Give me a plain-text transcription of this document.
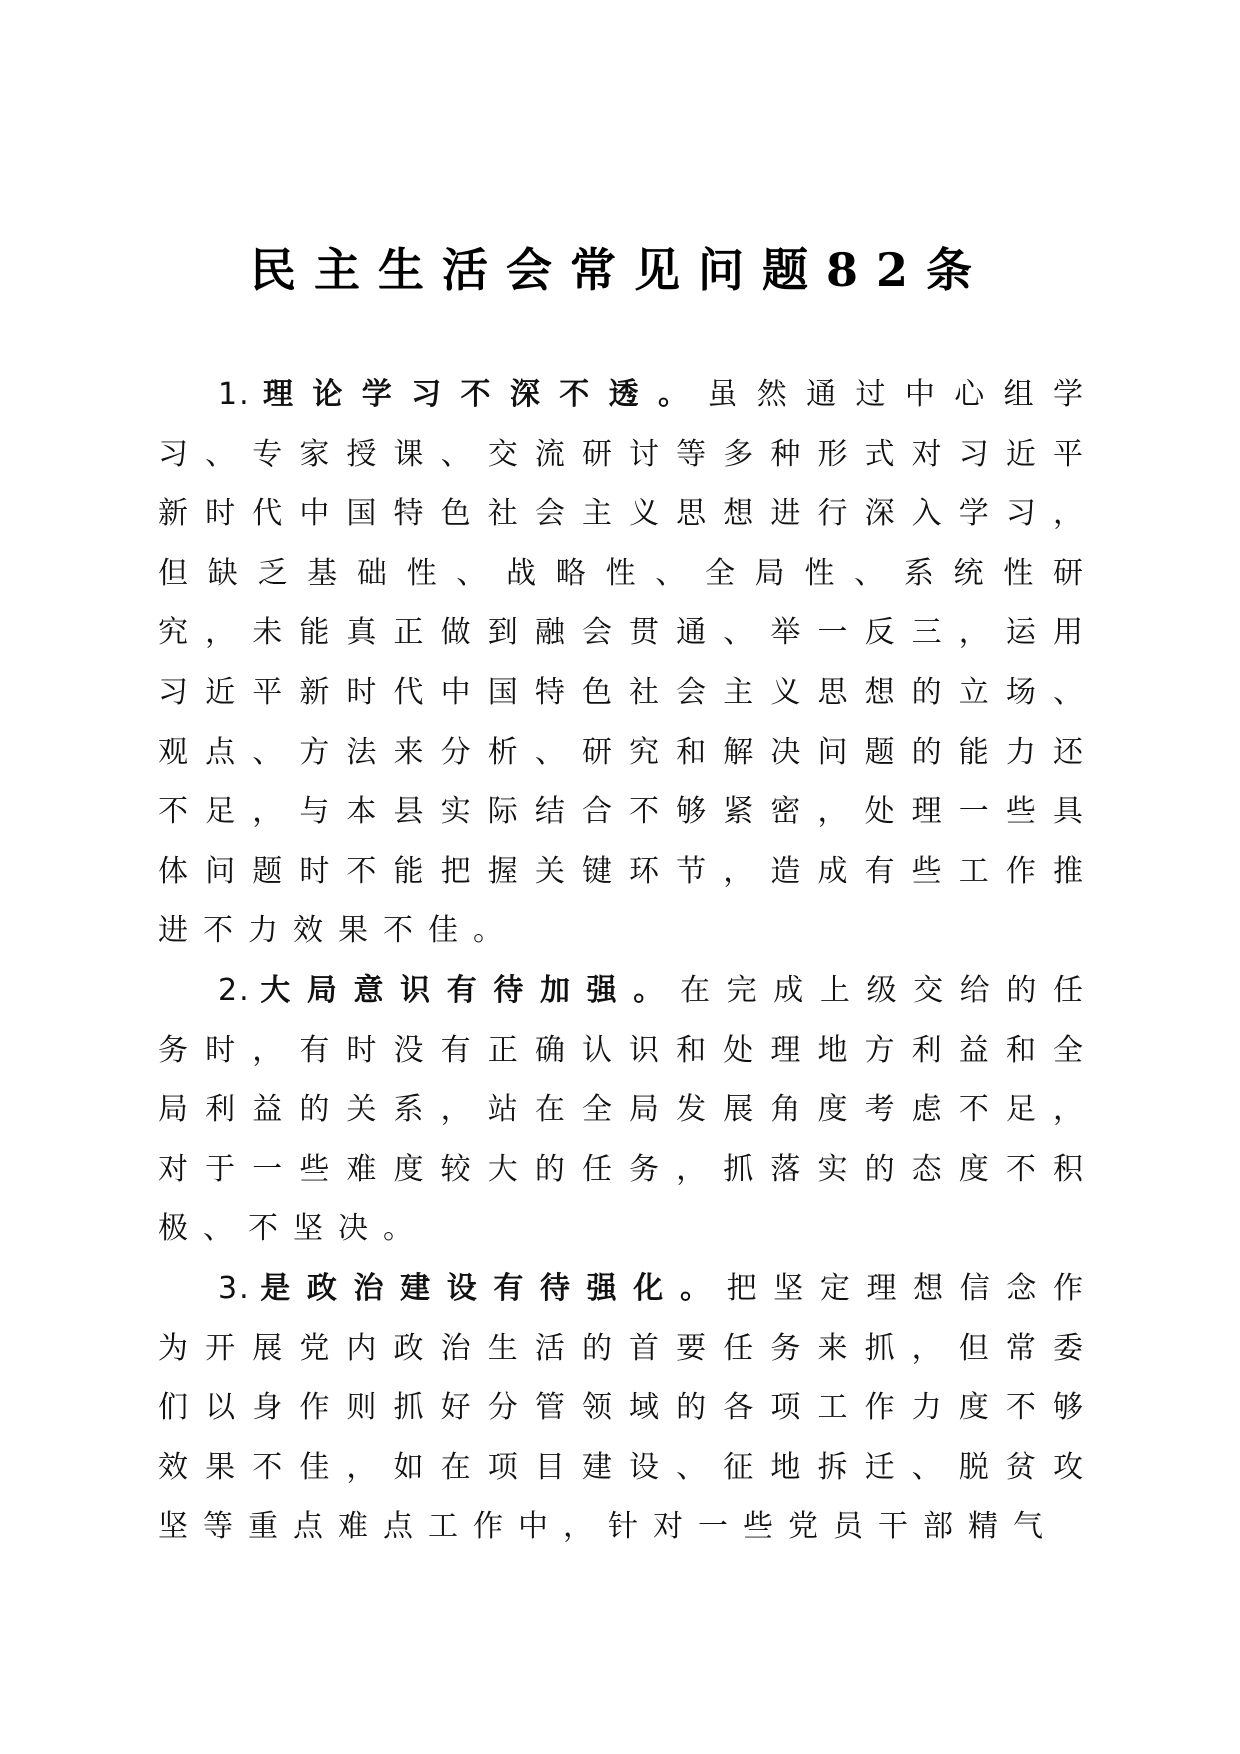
民主生活会常见问题82条

1. 理论学习不深不透。虽然通过中心组学习、专家授课、交流研讨等多种形式对习近平新时代中国特色社会主义思想进行深入学习，但缺乏基础性、战略性、全局性、系统性研究，未能真正做到融会贯通、举一反三，运用习近平新时代中国特色社会主义思想的立场、观点、方法来分析、研究和解决问题的能力还不足，与本县实际结合不够紧密，处理一些具体问题时不能把握关键环节，造成有些工作推进不力效果不佳。

2. 大局意识有待加强。在完成上级交给的任务时，有时没有正确认识和处理地方利益和全局利益的关系，站在全局发展角度考虑不足，对于一些难度较大的任务，抓落实的态度不积极、不坚决。

3. 是政治建设有待强化。把坚定理想信念作为开展党内政治生活的首要任务来抓，但常委们以身作则抓好分管领域的各项工作力度不够效果不佳，如在项目建设、征地拆迁、脱贫攻坚等重点难点工作中，针对一些党员干部精气
